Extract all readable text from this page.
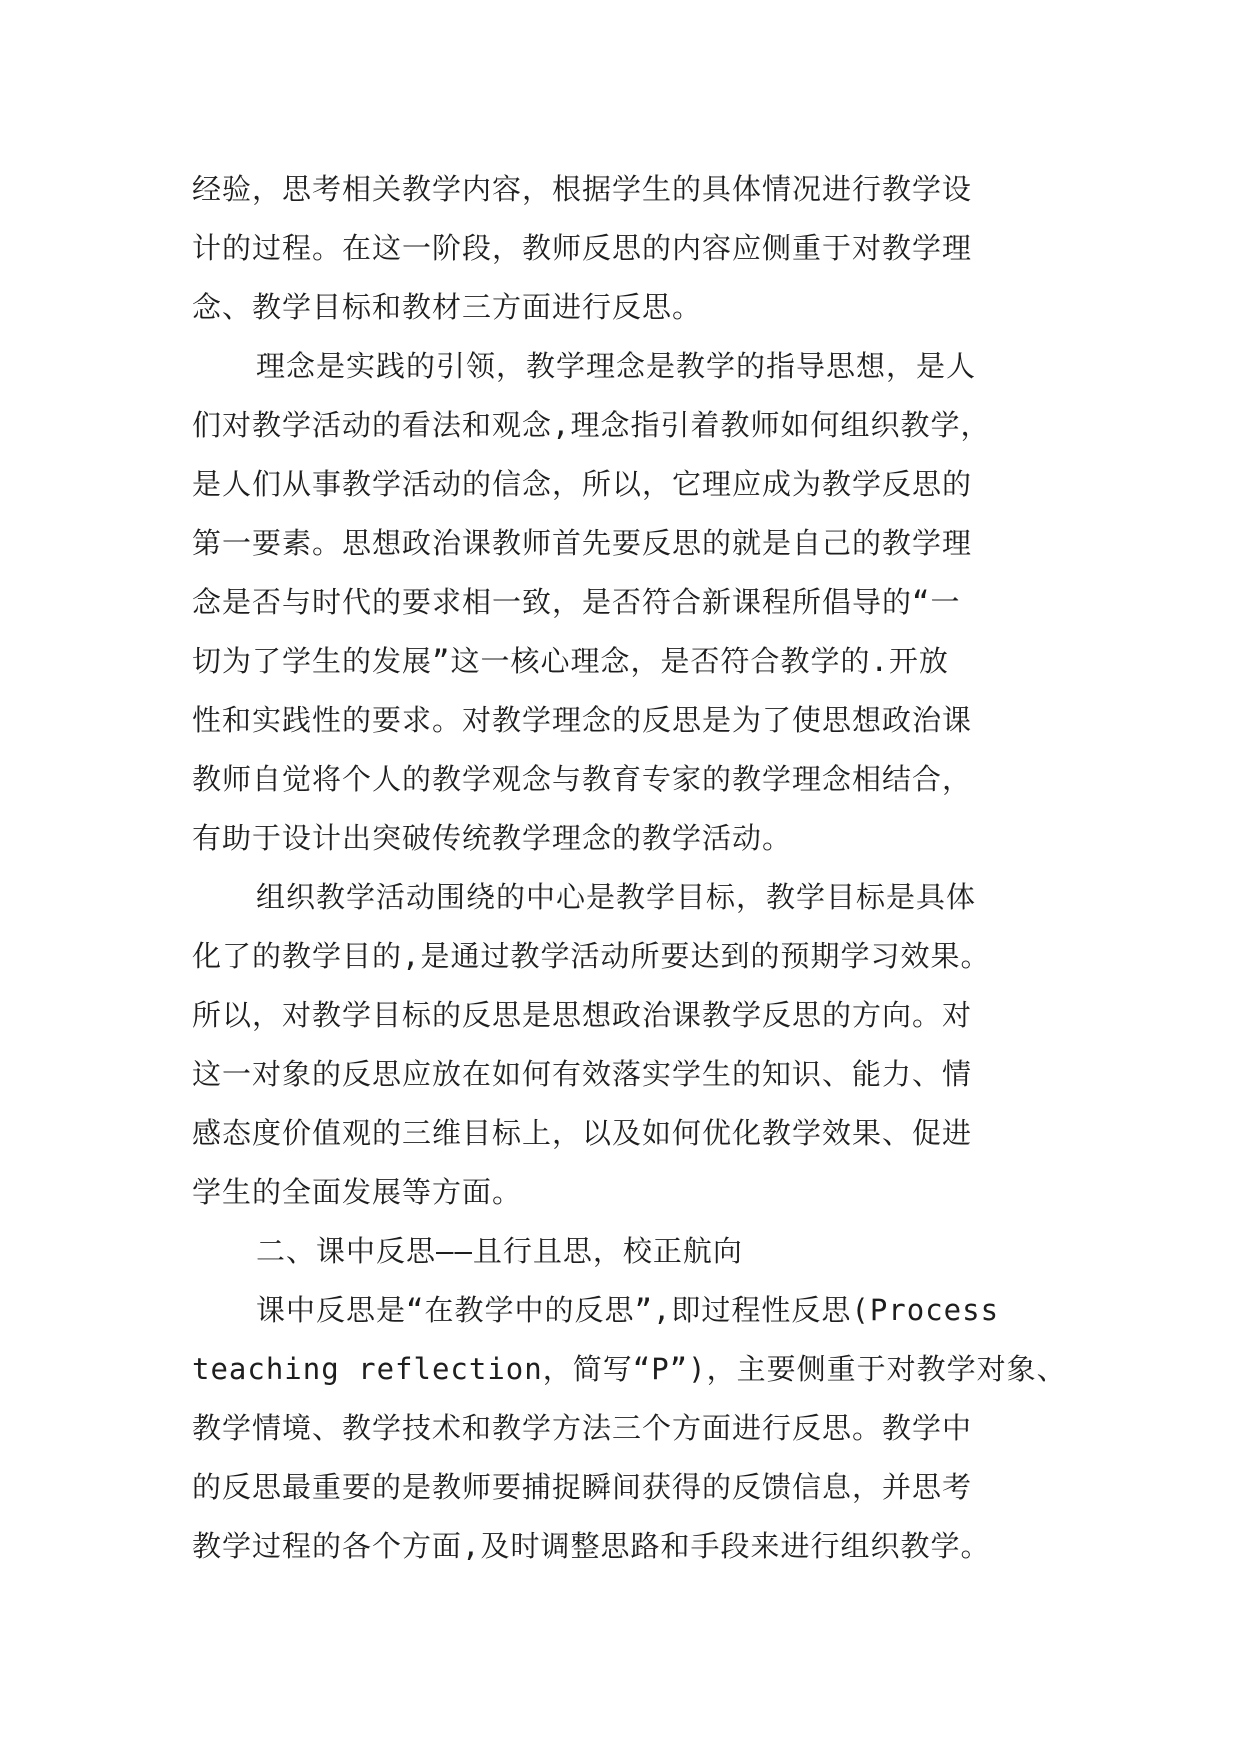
经验，思考相关教学内容，根据学生的具体情况进行教学设
计的过程。在这一阶段，教师反思的内容应侧重于对教学理
念、教学目标和教材三方面进行反思。

理念是实践的引领，教学理念是教学的指导思想，是人
们对教学活动的看法和观念,理念指引着教师如何组织教学，
是人们从事教学活动的信念，所以，它理应成为教学反思的
第一要素。思想政治课教师首先要反思的就是自己的教学理
念是否与时代的要求相一致，是否符合新课程所倡导的“一
切为了学生的发展”这一核心理念，是否符合教学的.开放
性和实践性的要求。对教学理念的反思是为了使思想政治课
教师自觉将个人的教学观念与教育专家的教学理念相结合，
有助于设计出突破传统教学理念的教学活动。

组织教学活动围绕的中心是教学目标，教学目标是具体
化了的教学目的,是通过教学活动所要达到的预期学习效果。
所以，对教学目标的反思是思想政治课教学反思的方向。对
这一对象的反思应放在如何有效落实学生的知识、能力、情
感态度价值观的三维目标上，以及如何优化教学效果、促进
学生的全面发展等方面。

二、课中反思——且行且思，校正航向

课中反思是“在教学中的反思”,即过程性反思(Process
teaching reflection，简写“P”)，主要侧重于对教学对象、
教学情境、教学技术和教学方法三个方面进行反思。教学中
的反思最重要的是教师要捕捉瞬间获得的反馈信息，并思考
教学过程的各个方面,及时调整思路和手段来进行组织教学。
